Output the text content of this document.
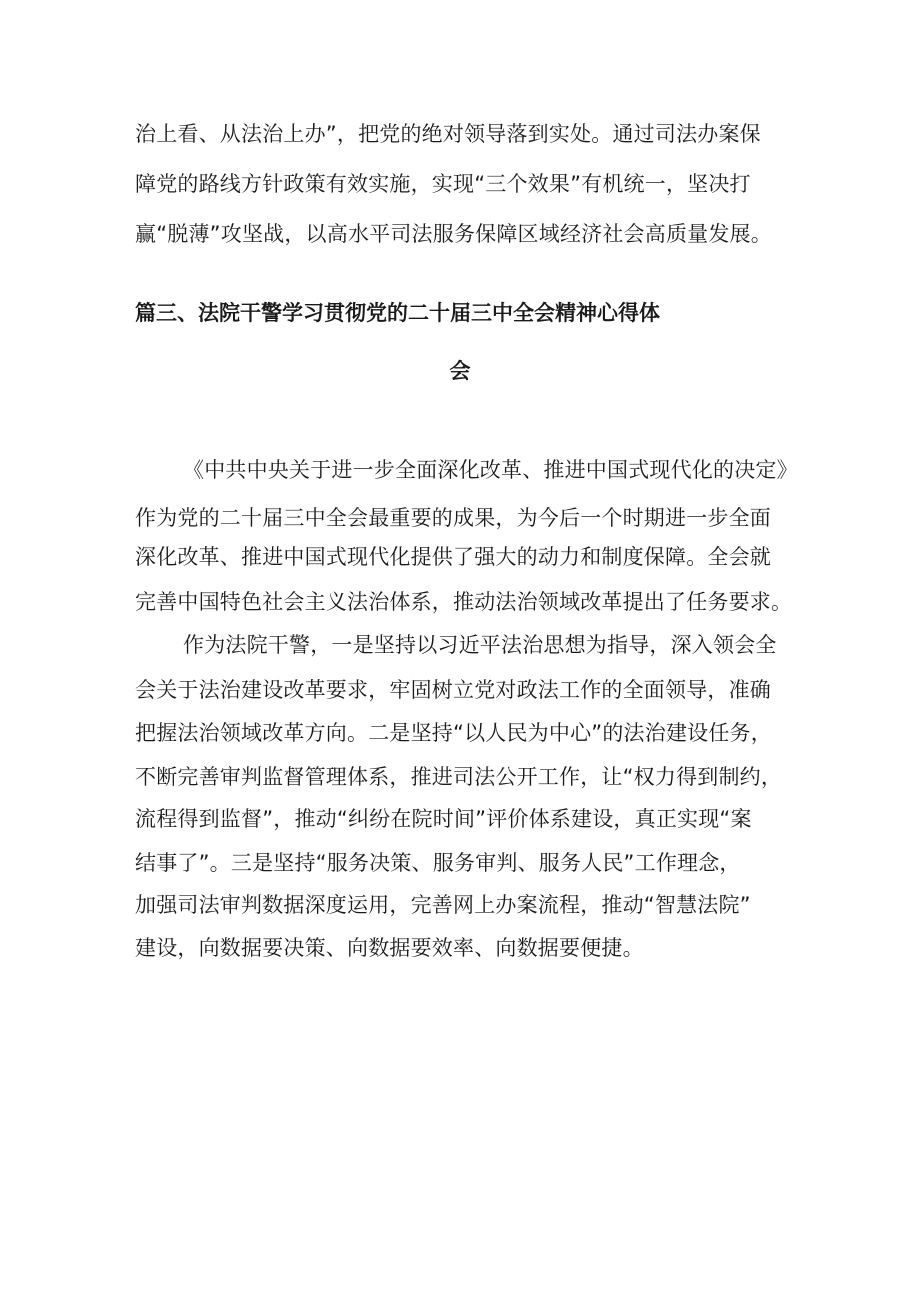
治上看、从法治上办”，把党的绝对领导落到实处。通过司法办案保
障党的路线方针政策有效实施，实现“三个效果”有机统一，坚决打
赢“脱薄”攻坚战，以高水平司法服务保障区域经济社会高质量发展。
篇三、法院干警学习贯彻党的二十届三中全会精神心得体
会
《中共中央关于进一步全面深化改革、推进中国式现代化的决定》
作为党的二十届三中全会最重要的成果，为今后一个时期进一步全面
深化改革、推进中国式现代化提供了强大的动力和制度保障。全会就
完善中国特色社会主义法治体系，推动法治领域改革提出了任务要求。
作为法院干警，一是坚持以习近平法治思想为指导，深入领会全
会关于法治建设改革要求，牢固树立党对政法工作的全面领导，准确
把握法治领域改革方向。二是坚持“以人民为中心”的法治建设任务，
不断完善审判监督管理体系，推进司法公开工作，让“权力得到制约，
流程得到监督”，推动“纠纷在院时间”评价体系建设，真正实现“案
结事了”。三是坚持“服务决策、服务审判、服务人民”工作理念，
加强司法审判数据深度运用，完善网上办案流程，推动“智慧法院”
建设，向数据要决策、向数据要效率、向数据要便捷。
